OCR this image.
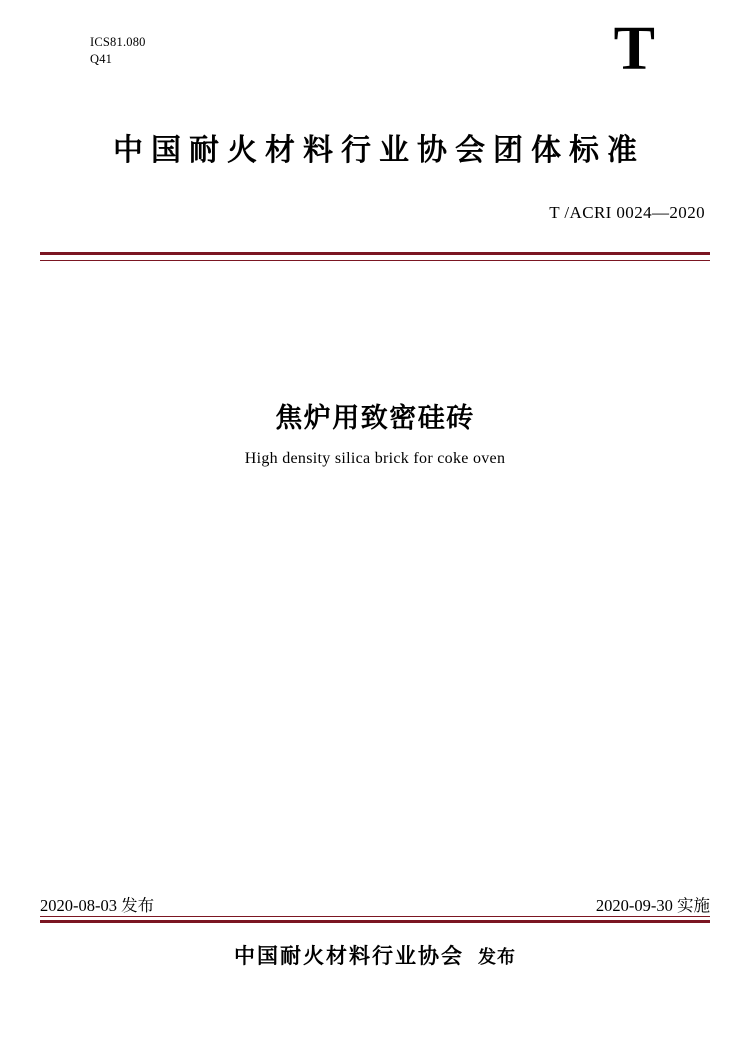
ICS81.080
Q41	T
中国耐火材料行业协会团体标准
T /ACRI 0024—2020
焦炉用致密硅砖
High density silica brick for coke oven
2020-08-03 发布	2020-09-30 实施
中国耐火材料行业协会 发布
